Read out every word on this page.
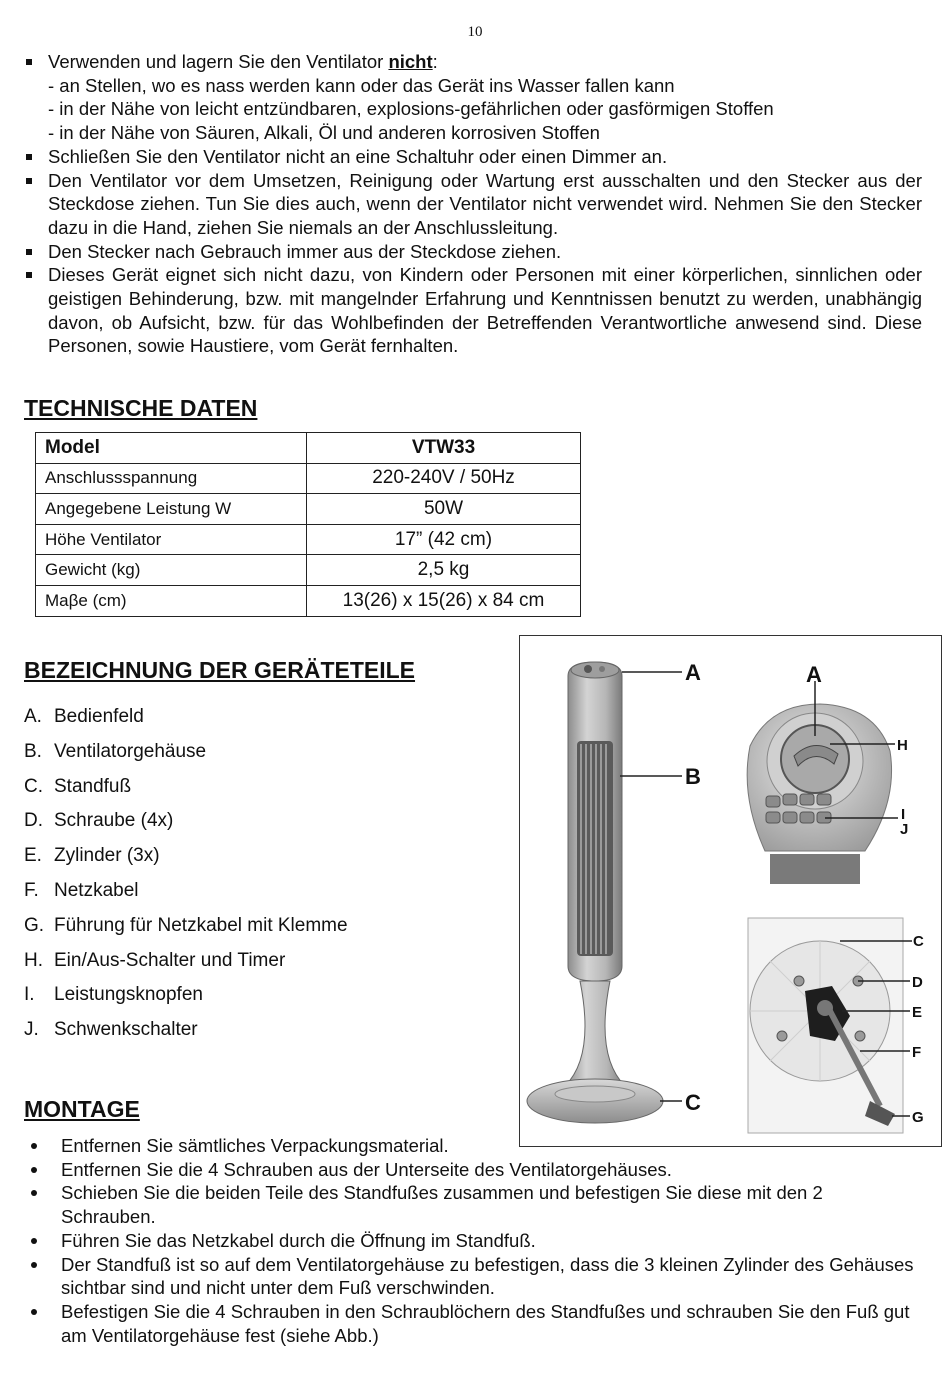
10
Verwenden und lagern Sie den Ventilator nicht:
- an Stellen, wo es nass werden kann oder das Gerät ins Wasser fallen kann
- in der Nähe von leicht entzündbaren, explosions-gefährlichen oder gasförmigen Stoffen
- in der Nähe von Säuren, Alkali, Öl und anderen korrosiven Stoffen
Schließen Sie den Ventilator nicht an eine Schaltuhr oder einen Dimmer an.
Den Ventilator vor dem Umsetzen, Reinigung oder Wartung erst ausschalten und den Stecker aus der Steckdose ziehen. Tun Sie dies auch, wenn der Ventilator nicht verwendet wird. Nehmen Sie den Stecker dazu in die Hand, ziehen Sie niemals an der Anschlussleitung.
Den Stecker nach Gebrauch immer aus der Steckdose ziehen.
Dieses Gerät eignet sich nicht dazu, von Kindern oder Personen mit einer körperlichen, sinnlichen oder geistigen Behinderung, bzw. mit mangelnder Erfahrung und Kenntnissen benutzt zu werden, unabhängig davon, ob Aufsicht, bzw. für das Wohlbefinden der Betreffenden Verantwortliche anwesend sind. Diese Personen, sowie Haustiere, vom Gerät fernhalten.
TECHNISCHE DATEN
Model	VTW33
Anschlussspannung	220-240V / 50Hz
Angegebene Leistung W	50W
Höhe Ventilator	17” (42 cm)
Gewicht (kg)	2,5 kg
Maβe (cm)	13(26) x 15(26) x 84 cm
BEZEICHNUNG DER GERÄTETEILE
A. Bedienfeld
B. Ventilatorgehäuse
C. Standfuß
D. Schraube (4x)
E. Zylinder (3x)
F. Netzkabel
G. Führung für Netzkabel mit Klemme
H. Ein/Aus-Schalter und Timer
I. Leistungsknopfen
J. Schwenkschalter
A
B
C
A
H
I
J
C
D
E
F
G
MONTAGE
Entfernen Sie sämtliches Verpackungsmaterial.
Entfernen Sie die 4 Schrauben aus der Unterseite des Ventilatorgehäuses.
Schieben Sie die beiden Teile des Standfußes zusammen und befestigen Sie diese mit den 2 Schrauben.
Führen Sie das Netzkabel durch die Öffnung im Standfuß.
Der Standfuß ist so auf dem Ventilatorgehäuse zu befestigen, dass die 3 kleinen Zylinder des Gehäuses sichtbar sind und nicht unter dem Fuß verschwinden.
Befestigen Sie die 4 Schrauben in den Schraublöchern des Standfußes und schrauben Sie den Fuß gut am Ventilatorgehäuse fest (siehe Abb.)
